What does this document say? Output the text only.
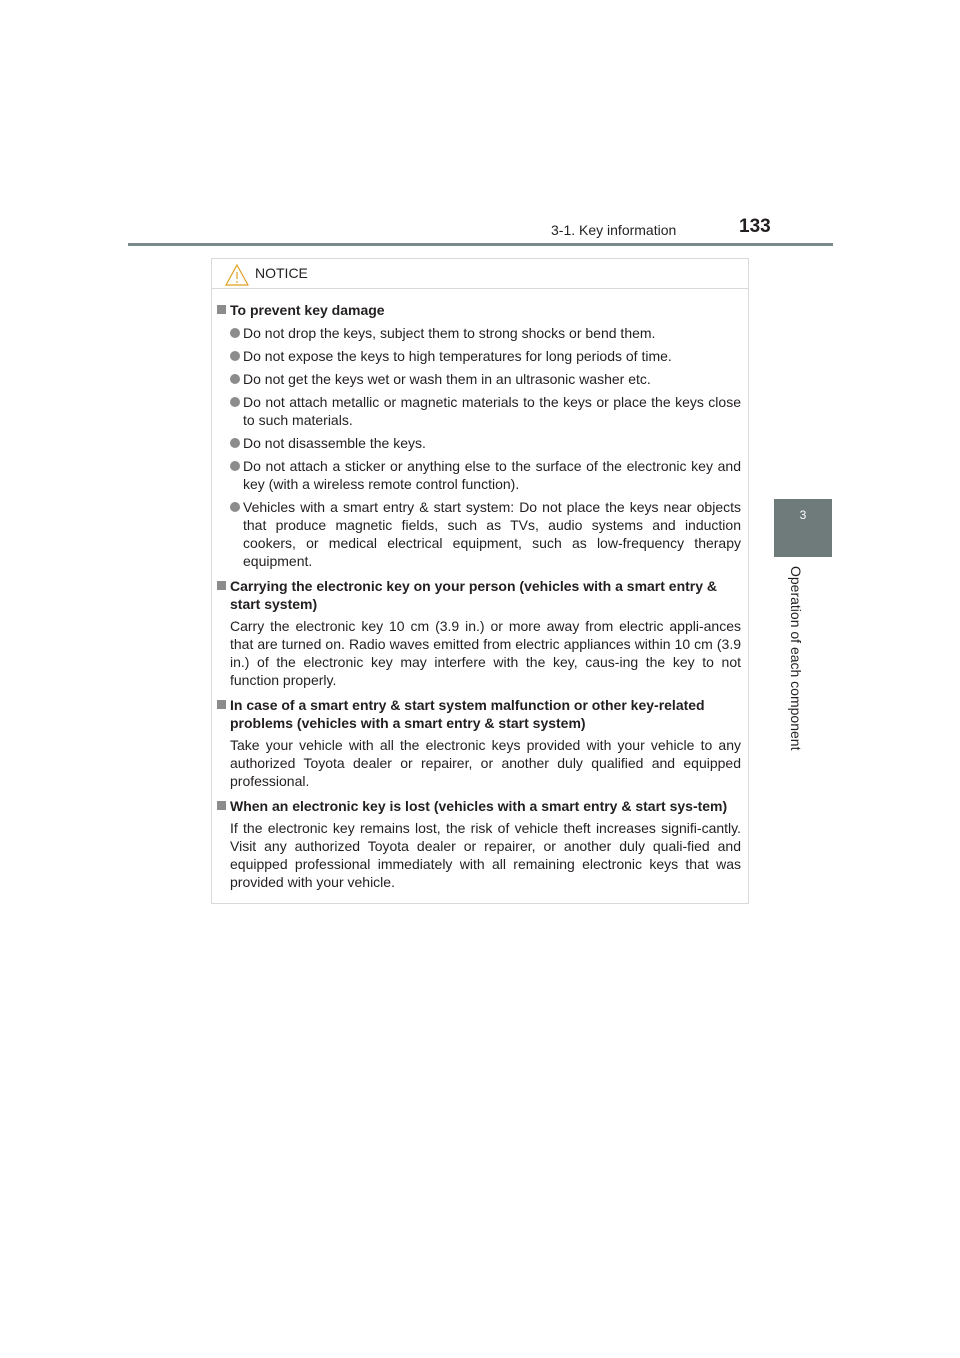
3-1. Key information	133
3
Operation of each component
NOTICE
To prevent key damage
Do not drop the keys, subject them to strong shocks or bend them.
Do not expose the keys to high temperatures for long periods of time.
Do not get the keys wet or wash them in an ultrasonic washer etc.
Do not attach metallic or magnetic materials to the keys or place the keys close to such materials.
Do not disassemble the keys.
Do not attach a sticker or anything else to the surface of the electronic key and key (with a wireless remote control function).
Vehicles with a smart entry & start system: Do not place the keys near objects that produce magnetic fields, such as TVs, audio systems and induction cookers, or medical electrical equipment, such as low-frequency therapy equipment.
Carrying the electronic key on your person (vehicles with a smart entry & start system)
Carry the electronic key 10 cm (3.9 in.) or more away from electric appli-ances that are turned on. Radio waves emitted from electric appliances within 10 cm (3.9 in.) of the electronic key may interfere with the key, caus-ing the key to not function properly.
In case of a smart entry & start system malfunction or other key-related problems (vehicles with a smart entry & start system)
Take your vehicle with all the electronic keys provided with your vehicle to any authorized Toyota dealer or repairer, or another duly qualified and equipped professional.
When an electronic key is lost (vehicles with a smart entry & start sys-tem)
If the electronic key remains lost, the risk of vehicle theft increases signifi-cantly. Visit any authorized Toyota dealer or repairer, or another duly quali-fied and equipped professional immediately with all remaining electronic keys that was provided with your vehicle.
